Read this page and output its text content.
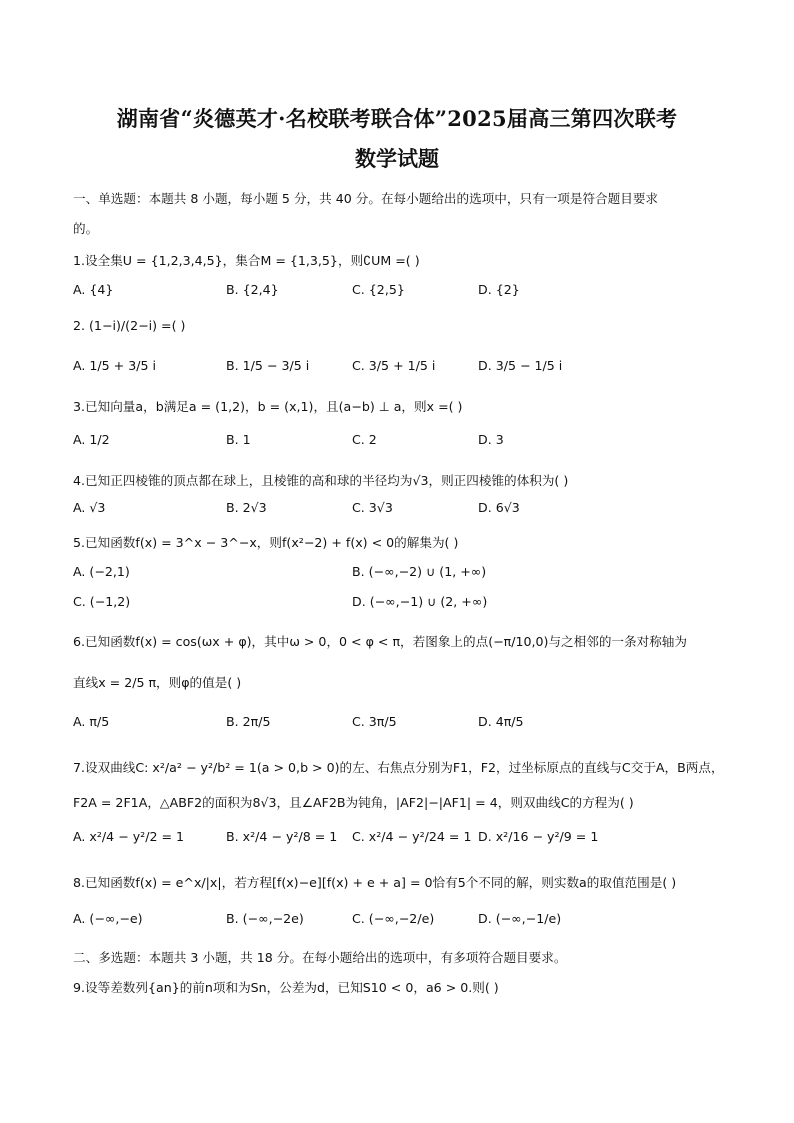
湖南省“炎德英才·名校联考联合体”2025届高三第四次联考
数学试题
一、单选题：本题共 8 小题，每小题 5 分，共 40 分。在每小题给出的选项中，只有一项是符合题目要求
的。
1.设全集U = {1,2,3,4,5}，集合M = {1,3,5}，则∁UM =( )
A. {4}	B. {2,4}	C. {2,5}	D. {2}
2. (1−i)/(2−i) =( )
A. 1/5 + 3/5 i	B. 1/5 − 3/5 i	C. 3/5 + 1/5 i	D. 3/5 − 1/5 i
3.已知向量a，b满足a = (1,2)，b = (x,1)，且(a−b) ⊥ a，则x =( )
A. 1/2	B. 1	C. 2	D. 3
4.已知正四棱锥的顶点都在球上，且棱锥的高和球的半径均为√3，则正四棱锥的体积为( )
A. √3	B. 2√3	C. 3√3	D. 6√3
5.已知函数f(x) = 3^x − 3^−x，则f(x²−2) + f(x) < 0的解集为( )
A. (−2,1)	B. (−∞,−2) ∪ (1, +∞)
C. (−1,2)	D. (−∞,−1) ∪ (2, +∞)
6.已知函数f(x) = cos(ωx + φ)，其中ω > 0，0 < φ < π，若图象上的点(−π/10,0)与之相邻的一条对称轴为
直线x = 2/5 π，则φ的值是( )
A. π/5	B. 2π/5	C. 3π/5	D. 4π/5
7.设双曲线C: x²/a² − y²/b² = 1(a > 0,b > 0)的左、右焦点分别为F1，F2，过坐标原点的直线与C交于A，B两点，
F2A = 2F1A，△ABF2的面积为8√3，且∠AF2B为钝角，|AF2|−|AF1| = 4，则双曲线C的方程为( )
A. x²/4 − y²/2 = 1	B. x²/4 − y²/8 = 1 C. x²/4 − y²/24 = 1 D. x²/16 − y²/9 = 1
8.已知函数f(x) = e^x/|x|，若方程[f(x)−e][f(x) + e + a] = 0恰有5个不同的解，则实数a的取值范围是( )
A. (−∞,−e)	B. (−∞,−2e)	C. (−∞,−2/e)	D. (−∞,−1/e)
二、多选题：本题共 3 小题，共 18 分。在每小题给出的选项中，有多项符合题目要求。
9.设等差数列{an}的前n项和为Sn，公差为d，已知S10 < 0，a6 > 0.则( )
